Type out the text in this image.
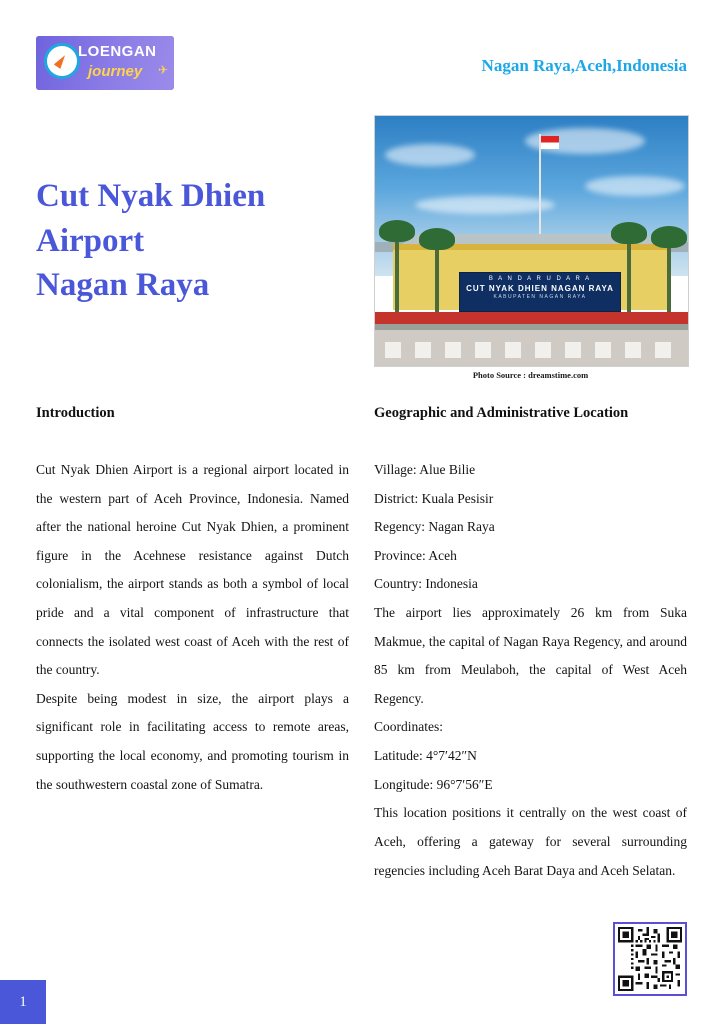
LOENGAN
journey ✈	Nagan Raya,Aceh,Indonesia
Cut Nyak Dhien
Airport
Nagan Raya	B A N D A R U D A R A
CUT NYAK DHIEN NAGAN RAYA
KABUPATEN NAGAN RAYA
Photo Source : dreamstime.com
Introduction

Cut Nyak Dhien Airport is a regional airport located in the western part of Aceh Province, Indonesia. Named after the national heroine Cut Nyak Dhien, a prominent figure in the Acehnese resistance against Dutch colonialism, the airport stands as both a symbol of local pride and a vital component of infrastructure that connects the isolated west coast of Aceh with the rest of the country.

Despite being modest in size, the airport plays a significant role in facilitating access to remote areas, supporting the local economy, and promoting tourism in the southwestern coastal zone of Sumatra.

Geographic and Administrative Location
Village: Alue Bilie
District: Kuala Pesisir
Regency: Nagan Raya
Province: Aceh
Country: Indonesia

The airport lies approximately 26 km from Suka Makmue, the capital of Nagan Raya Regency, and around 85 km from Meulaboh, the capital of West Aceh Regency.

Coordinates:
Latitude: 4°7′42″N
Longitude: 96°7′56″E

This location positions it centrally on the west coast of Aceh, offering a gateway for several surrounding regencies including Aceh Barat Daya and Aceh Selatan.

1
